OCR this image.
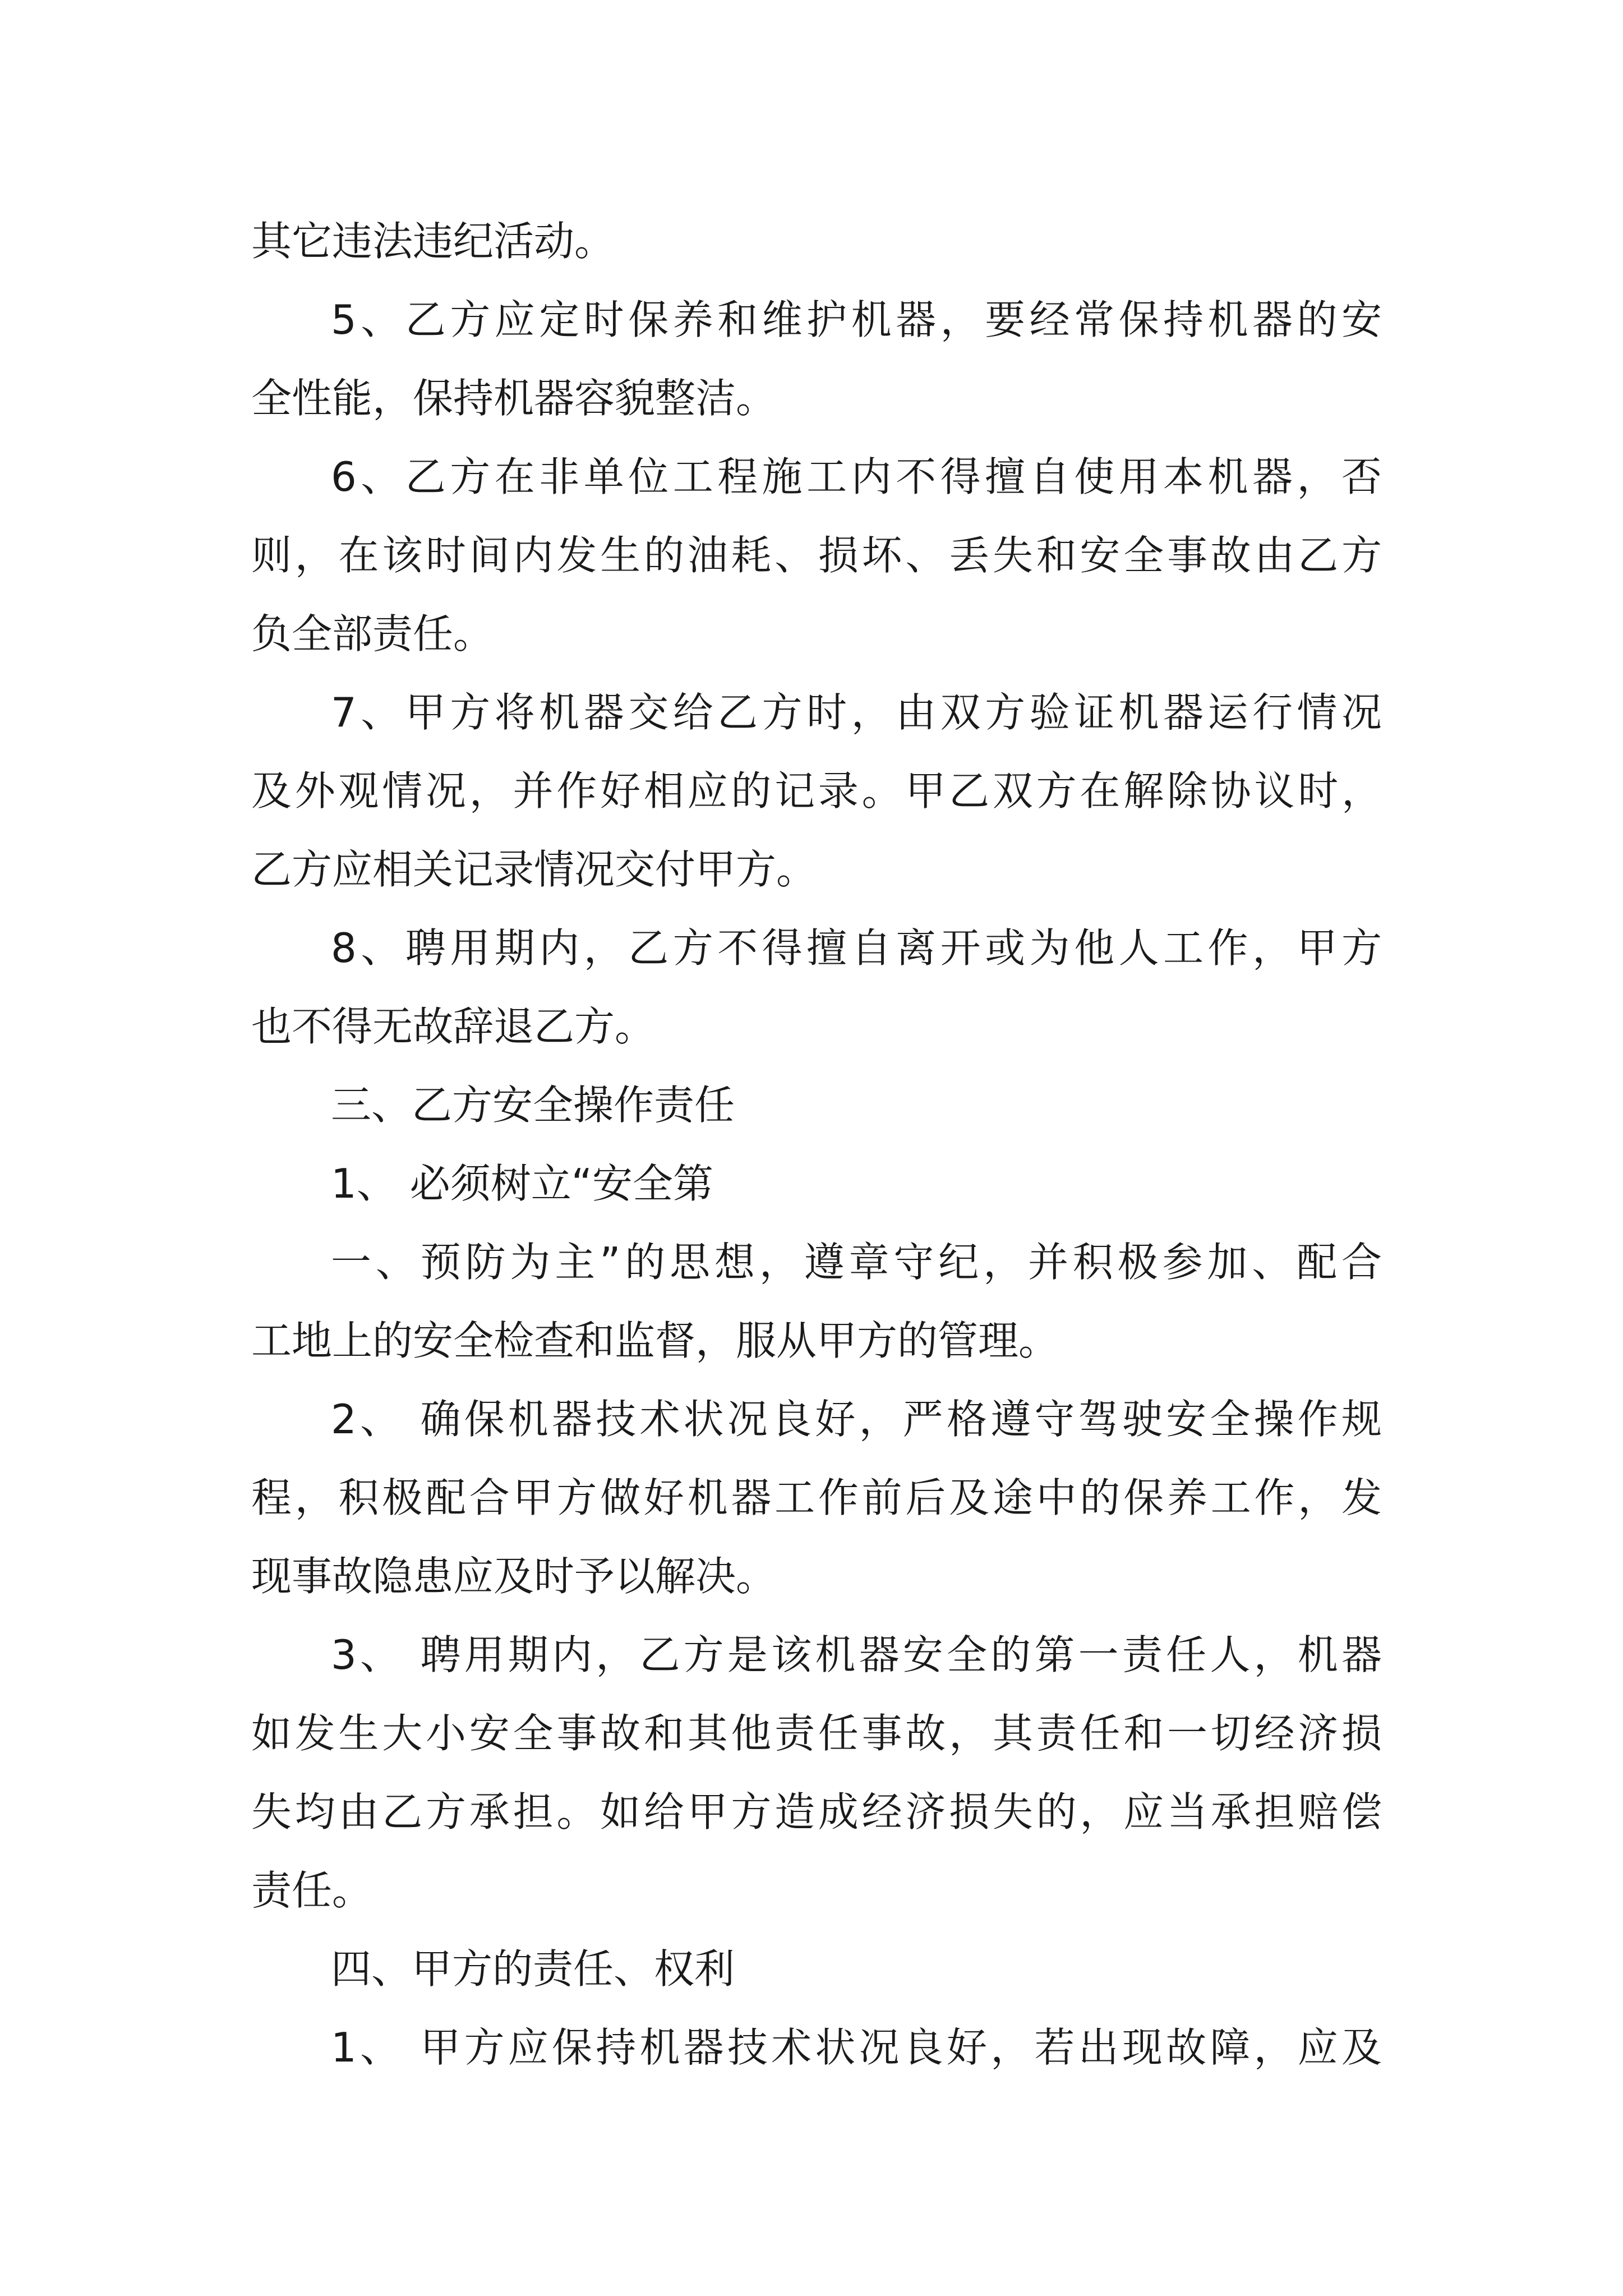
其它违法违纪活动。

5、乙方应定时保养和维护机器，要经常保持机器的安

全性能，保持机器容貌整洁。

6、乙方在非单位工程施工内不得擅自使用本机器，否

则，在该时间内发生的油耗、损坏、丢失和安全事故由乙方

负全部责任。

7、甲方将机器交给乙方时，由双方验证机器运行情况

及外观情况，并作好相应的记录。甲乙双方在解除协议时，

乙方应相关记录情况交付甲方。

8、聘用期内，乙方不得擅自离开或为他人工作，甲方

也不得无故辞退乙方。

三、乙方安全操作责任

1、 必须树立“安全第

一、预防为主”的思想，遵章守纪，并积极参加、配合

工地上的安全检查和监督，服从甲方的管理。

2、 确保机器技术状况良好，严格遵守驾驶安全操作规

程，积极配合甲方做好机器工作前后及途中的保养工作，发

现事故隐患应及时予以解决。

3、 聘用期内，乙方是该机器安全的第一责任人，机器

如发生大小安全事故和其他责任事故，其责任和一切经济损

失均由乙方承担。如给甲方造成经济损失的，应当承担赔偿

责任。

四、甲方的责任、权利

1、 甲方应保持机器技术状况良好，若出现故障，应及
